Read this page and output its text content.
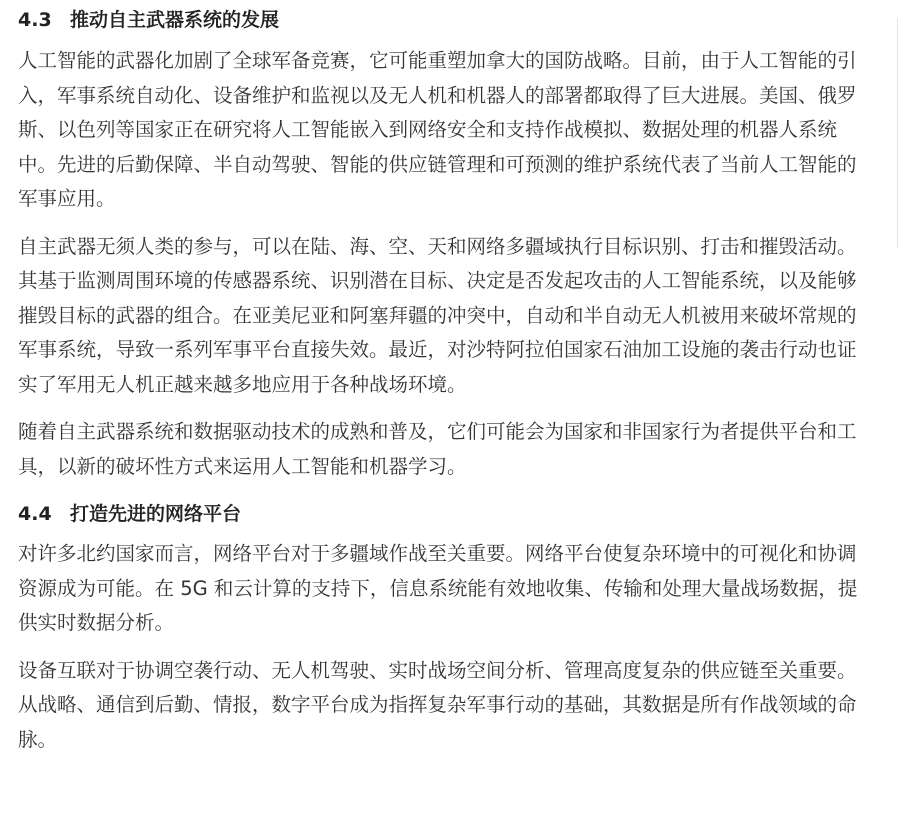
4.3 推动自主武器系统的发展

人工智能的武器化加剧了全球军备竞赛，它可能重塑加拿大的国防战略。目前，由于人工智能的引入，军事系统自动化、设备维护和监视以及无人机和机器人的部署都取得了巨大进展。美国、俄罗斯、以色列等国家正在研究将人工智能嵌入到网络安全和支持作战模拟、数据处理的机器人系统中。先进的后勤保障、半自动驾驶、智能的供应链管理和可预测的维护系统代表了当前人工智能的军事应用。

自主武器无须人类的参与，可以在陆、海、空、天和网络多疆域执行目标识别、打击和摧毁活动。其基于监测周围环境的传感器系统、识别潜在目标、决定是否发起攻击的人工智能系统，以及能够摧毁目标的武器的组合。在亚美尼亚和阿塞拜疆的冲突中，自动和半自动无人机被用来破坏常规的军事系统，导致一系列军事平台直接失效。最近，对沙特阿拉伯国家石油加工设施的袭击行动也证实了军用无人机正越来越多地应用于各种战场环境。

随着自主武器系统和数据驱动技术的成熟和普及，它们可能会为国家和非国家行为者提供平台和工具，以新的破坏性方式来运用人工智能和机器学习。

4.4 打造先进的网络平台

对许多北约国家而言，网络平台对于多疆域作战至关重要。网络平台使复杂环境中的可视化和协调资源成为可能。在 5G 和云计算的支持下，信息系统能有效地收集、传输和处理大量战场数据，提供实时数据分析。

设备互联对于协调空袭行动、无人机驾驶、实时战场空间分析、管理高度复杂的供应链至关重要。从战略、通信到后勤、情报，数字平台成为指挥复杂军事行动的基础，其数据是所有作战领域的命脉。
